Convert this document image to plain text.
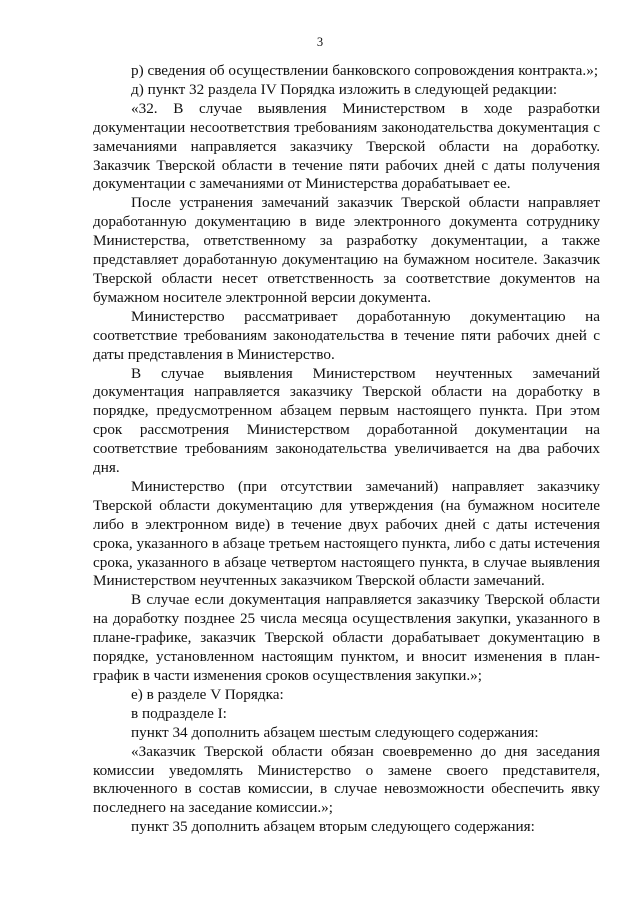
3

р) сведения об осуществлении банковского сопровождения контракта.»;

д) пункт 32 раздела IV Порядка изложить в следующей редакции:

«32. В случае выявления Министерством в ходе разработки документации несоответствия требованиям законодательства документация с замечаниями направляется заказчику Тверской области на доработку. Заказчик Тверской области в течение пяти рабочих дней с даты получения документации с замечаниями от Министерства дорабатывает ее.

После устранения замечаний заказчик Тверской области направляет доработанную документацию в виде электронного документа сотруднику Министерства, ответственному за разработку документации, а также представляет доработанную документацию на бумажном носителе. Заказчик Тверской области несет ответственность за соответствие документов на бумажном носителе электронной версии документа.

Министерство рассматривает доработанную документацию на соответствие требованиям законодательства в течение пяти рабочих дней с даты представления в Министерство.

В случае выявления Министерством неучтенных замечаний документация направляется заказчику Тверской области на доработку в порядке, предусмотренном абзацем первым настоящего пункта. При этом срок рассмотрения Министерством доработанной документации на соответствие требованиям законодательства увеличивается на два рабочих дня.

Министерство (при отсутствии замечаний) направляет заказчику Тверской области документацию для утверждения (на бумажном носителе либо в электронном виде) в течение двух рабочих дней с даты истечения срока, указанного в абзаце третьем настоящего пункта, либо с даты истечения срока, указанного в абзаце четвертом настоящего пункта, в случае выявления Министерством неучтенных заказчиком Тверской области замечаний.

В случае если документация направляется заказчику Тверской области на доработку позднее 25 числа месяца осуществления закупки, указанного в плане-графике, заказчик Тверской области дорабатывает документацию в порядке, установленном настоящим пунктом, и вносит изменения в план-график в части изменения сроков осуществления закупки.»;

е) в разделе V Порядка:

в подразделе I:

пункт 34 дополнить абзацем шестым следующего содержания:

«Заказчик Тверской области обязан своевременно до дня заседания комиссии уведомлять Министерство о замене своего представителя, включенного в состав комиссии, в случае невозможности обеспечить явку последнего на заседание комиссии.»;

пункт 35 дополнить абзацем вторым следующего содержания:
